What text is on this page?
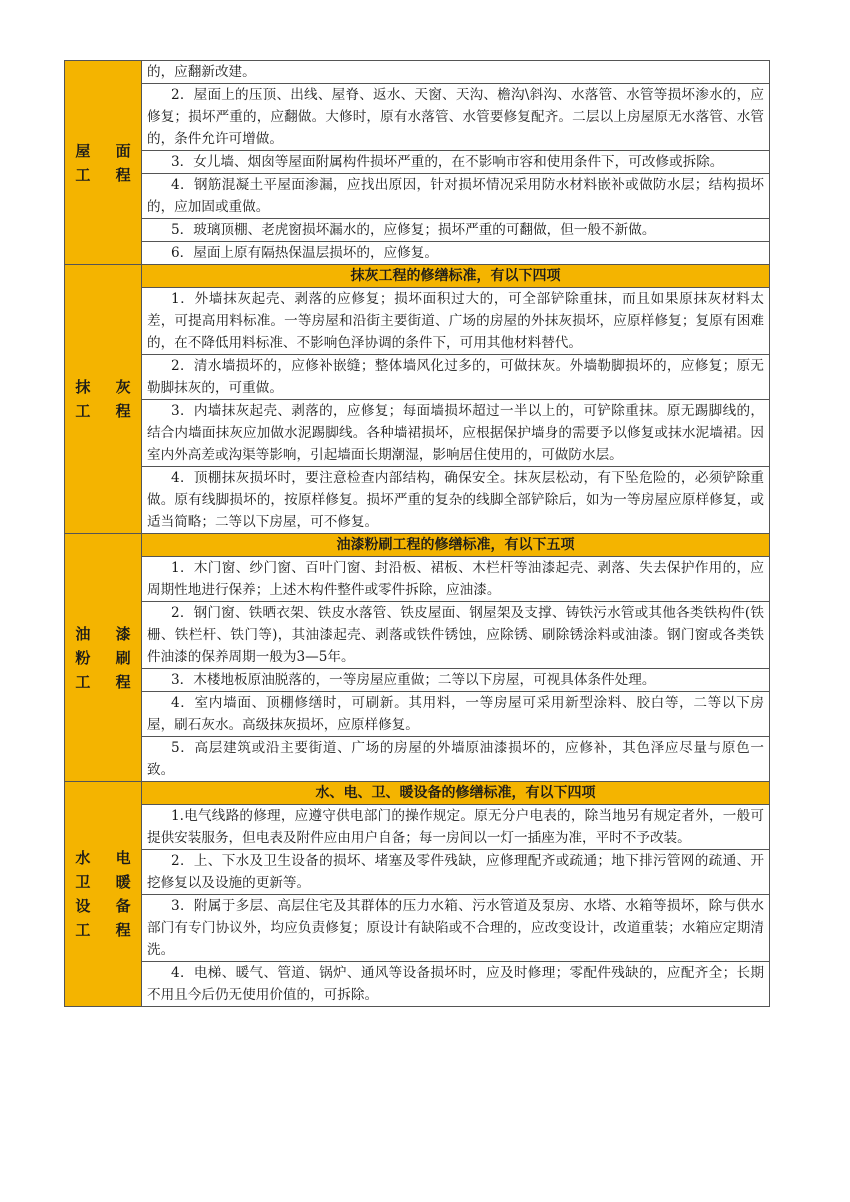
屋 面
工 程	的，应翻新改建。

	2．屋面上的压顶、出线、屋脊、返水、天窗、天沟、檐沟\斜沟、水落管、水管等损坏渗水的，应修复；损坏严重的，应翻做。大修时，原有水落管、水管要修复配齐。二层以上房屋原无水落管、水管的，条件允许可增做。

	3．女儿墙、烟囱等屋面附属构件损坏严重的，在不影响市容和使用条件下，可改修或拆除。

	4．钢筋混凝土平屋面渗漏，应找出原因，针对损坏情况采用防水材料嵌补或做防水层；结构损坏的，应加固或重做。

	5．玻璃顶棚、老虎窗损坏漏水的，应修复；损坏严重的可翻做，但一般不新做。

	6．屋面上原有隔热保温层损坏的，应修复。

抹 灰
工 程	抹灰工程的修缮标准，有以下四项

	1．外墙抹灰起壳、剥落的应修复；损坏面积过大的，可全部铲除重抹，而且如果原抹灰材料太差，可提高用料标准。一等房屋和沿街主要街道、广场的房屋的外抹灰损坏，应原样修复；复原有困难的，在不降低用料标准、不影响色泽协调的条件下，可用其他材料替代。

	2．清水墙损坏的，应修补嵌缝；整体墙风化过多的，可做抹灰。外墙勒脚损坏的，应修复；原无勒脚抹灰的，可重做。

	3．内墙抹灰起壳、剥落的，应修复；每面墙损坏超过一半以上的，可铲除重抹。原无踢脚线的，结合内墙面抹灰应加做水泥踢脚线。各种墙裙损坏，应根据保护墙身的需要予以修复或抹水泥墙裙。因室内外高差或沟渠等影响，引起墙面长期潮湿，影响居住使用的，可做防水层。

	4．顶棚抹灰损坏时，要注意检查内部结构，确保安全。抹灰层松动，有下坠危险的，必须铲除重做。原有线脚损坏的，按原样修复。损坏严重的复杂的线脚全部铲除后，如为一等房屋应原样修复，或适当简略；二等以下房屋，可不修复。

油 漆
粉 刷
工 程	油漆粉刷工程的修缮标准，有以下五项

	1．木门窗、纱门窗、百叶门窗、封沿板、裙板、木栏杆等油漆起壳、剥落、失去保护作用的，应周期性地进行保养；上述木构件整件或零件拆除，应油漆。

	2．钢门窗、铁晒衣架、铁皮水落管、铁皮屋面、钢屋架及支撑、铸铁污水管或其他各类铁构件(铁栅、铁栏杆、铁门等)，其油漆起壳、剥落或铁件锈蚀，应除锈、刷除锈涂料或油漆。钢门窗或各类铁件油漆的保养周期一般为3—5年。

	3．木楼地板原油脱落的，一等房屋应重做；二等以下房屋，可视具体条件处理。

	4．室内墙面、顶棚修缮时，可刷新。其用料，一等房屋可采用新型涂料、胶白等，二等以下房屋，刷石灰水。高级抹灰损坏，应原样修复。

	5．高层建筑或沿主要街道、广场的房屋的外墙原油漆损坏的，应修补，其色泽应尽量与原色一致。

水 电
卫 暖
设 备
工 程	水、电、卫、暖设备的修缮标准，有以下四项

	1.电气线路的修理，应遵守供电部门的操作规定。原无分户电表的，除当地另有规定者外，一般可提供安装服务，但电表及附件应由用户自备；每一房间以一灯一插座为准，平时不予改装。

	2．上、下水及卫生设备的损坏、堵塞及零件残缺，应修理配齐或疏通；地下排污管网的疏通、开挖修复以及设施的更新等。

	3．附属于多层、高层住宅及其群体的压力水箱、污水管道及泵房、水塔、水箱等损坏，除与供水部门有专门协议外，均应负责修复；原设计有缺陷或不合理的，应改变设计，改道重装；水箱应定期清洗。

	4．电梯、暖气、管道、锅炉、通风等设备损坏时，应及时修理；零配件残缺的，应配齐全；长期不用且今后仍无使用价值的，可拆除。
